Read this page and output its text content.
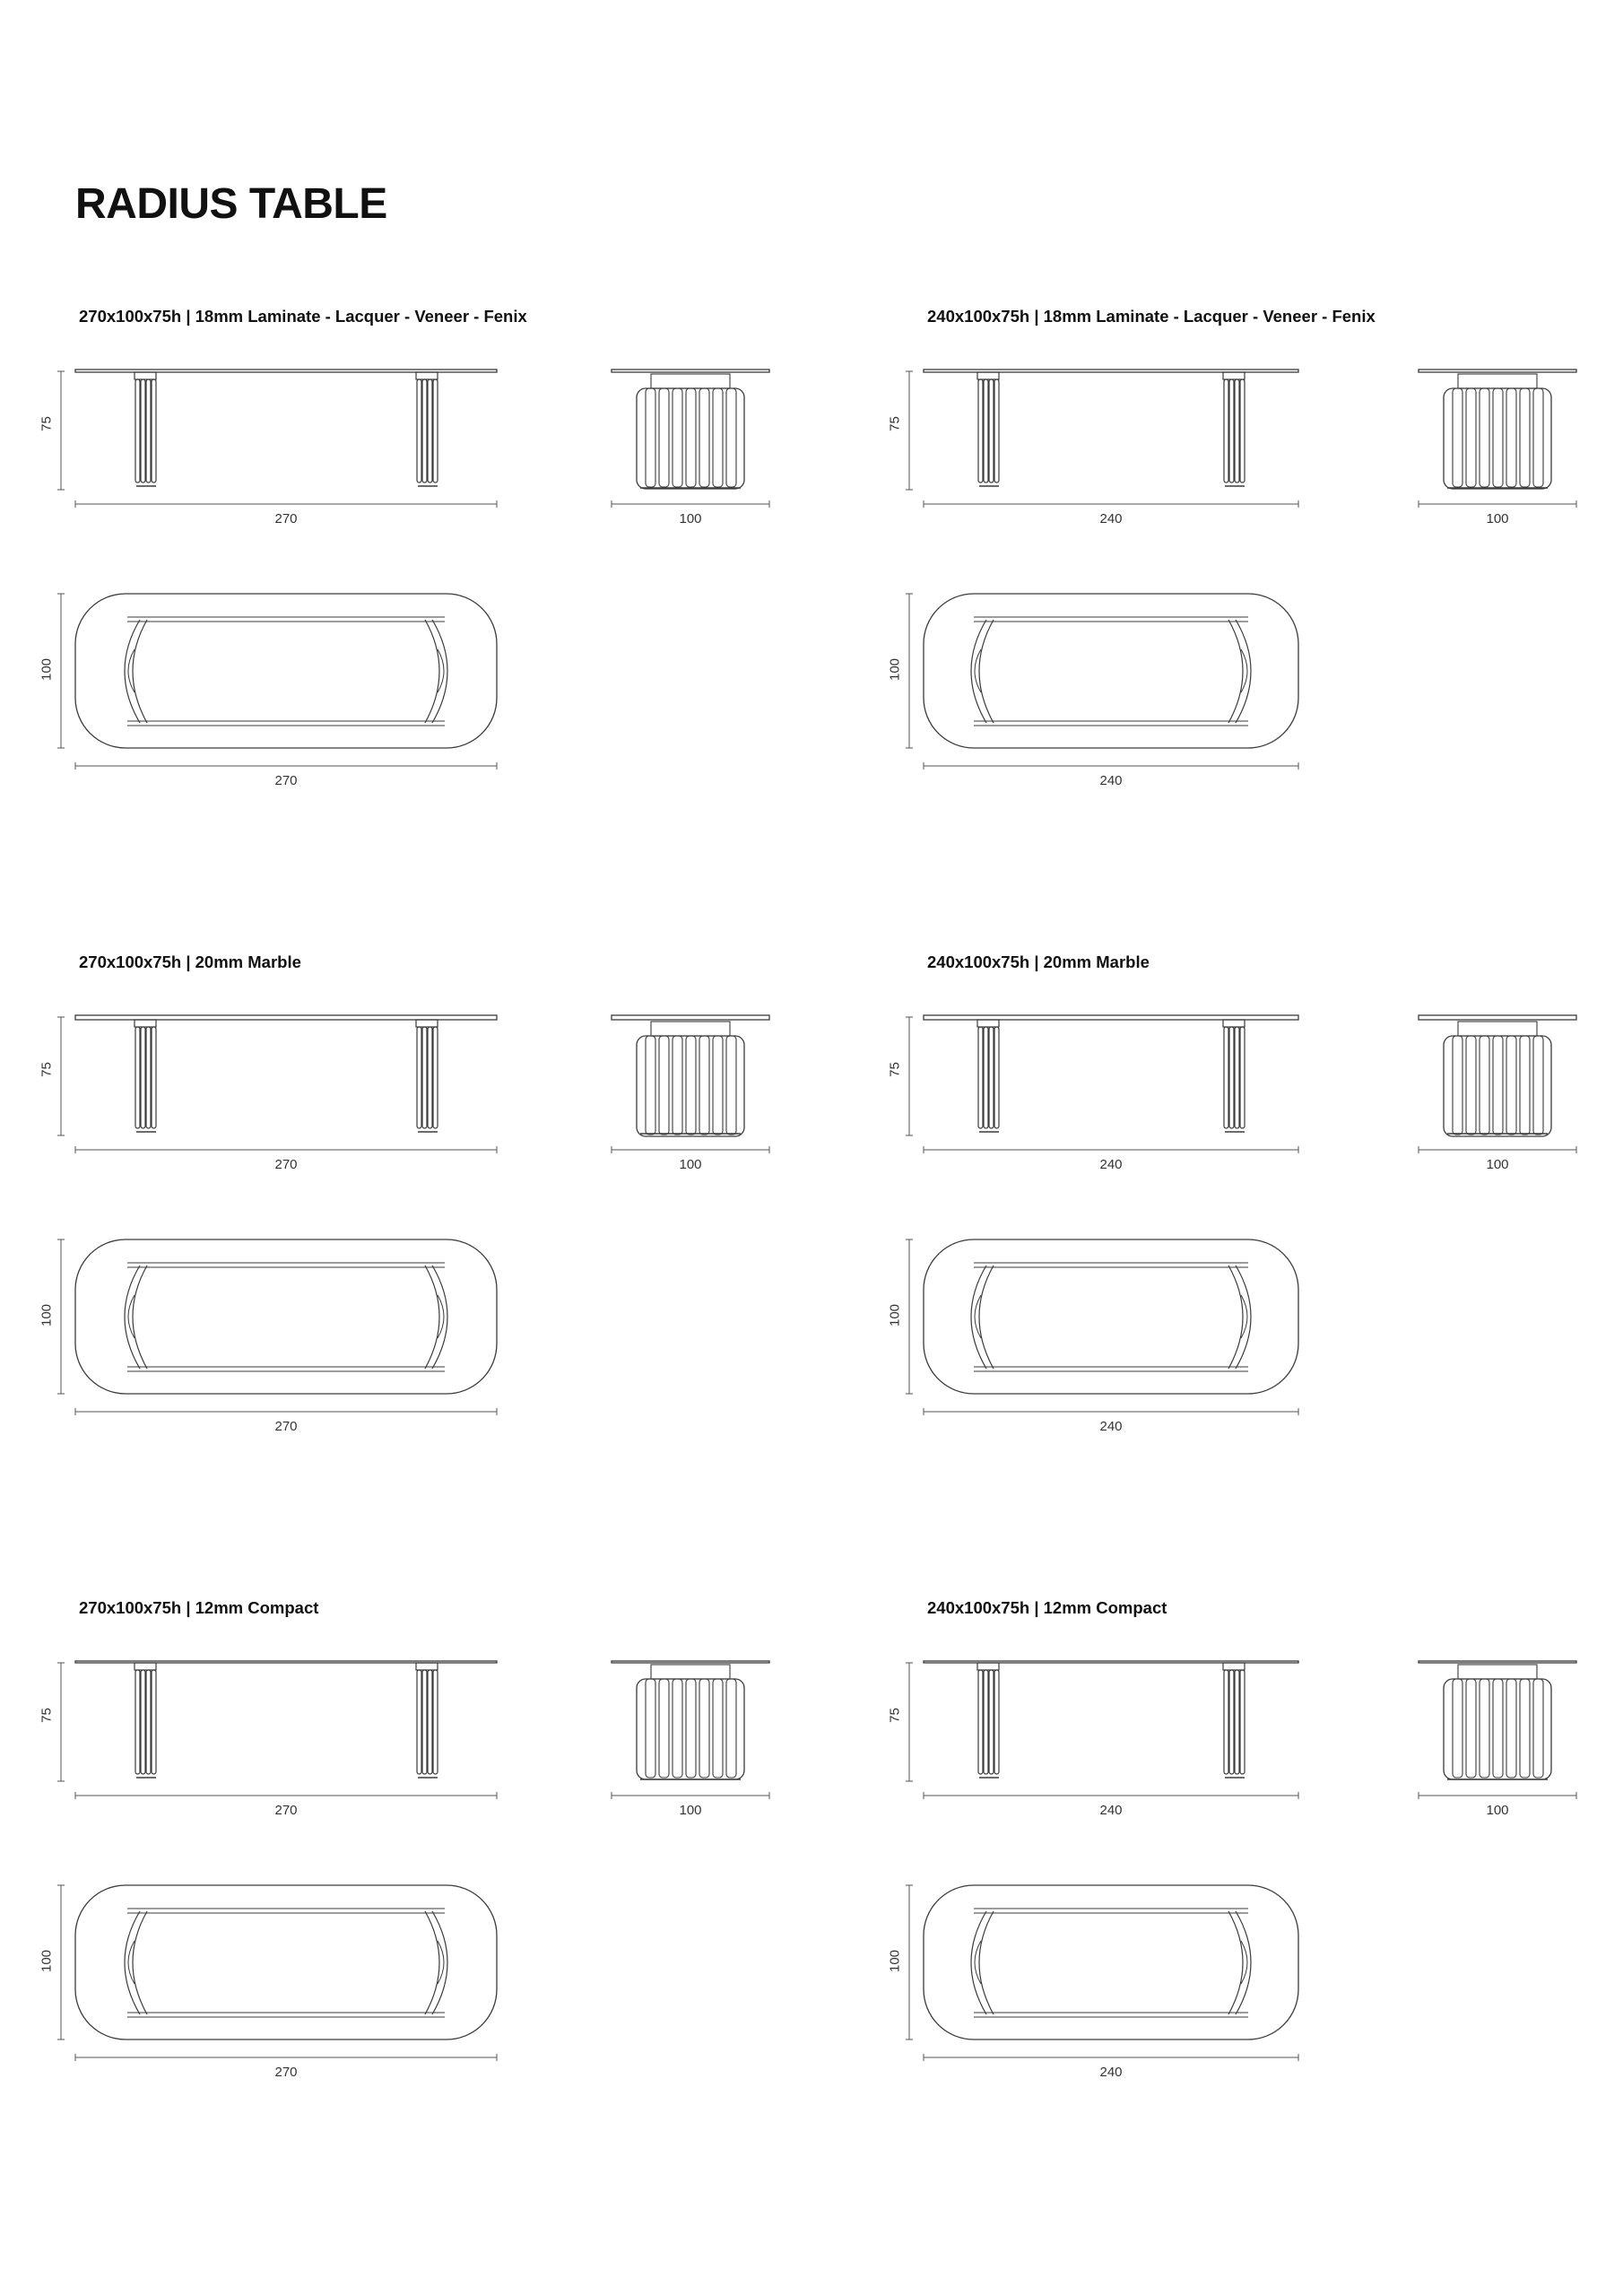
RADIUS TABLE
270x100x75h | 18mm Laminate - Lacquer - Veneer - Fenix
75
270	100
100
270
240x100x75h | 18mm Laminate - Lacquer - Veneer - Fenix
75
240	100
100
240
270x100x75h | 20mm Marble
75
270	100
100
270
240x100x75h | 20mm Marble
75
240	100
100
240
270x100x75h | 12mm Compact
75
270	100
100
270
240x100x75h | 12mm Compact
75
240	100
100
240
